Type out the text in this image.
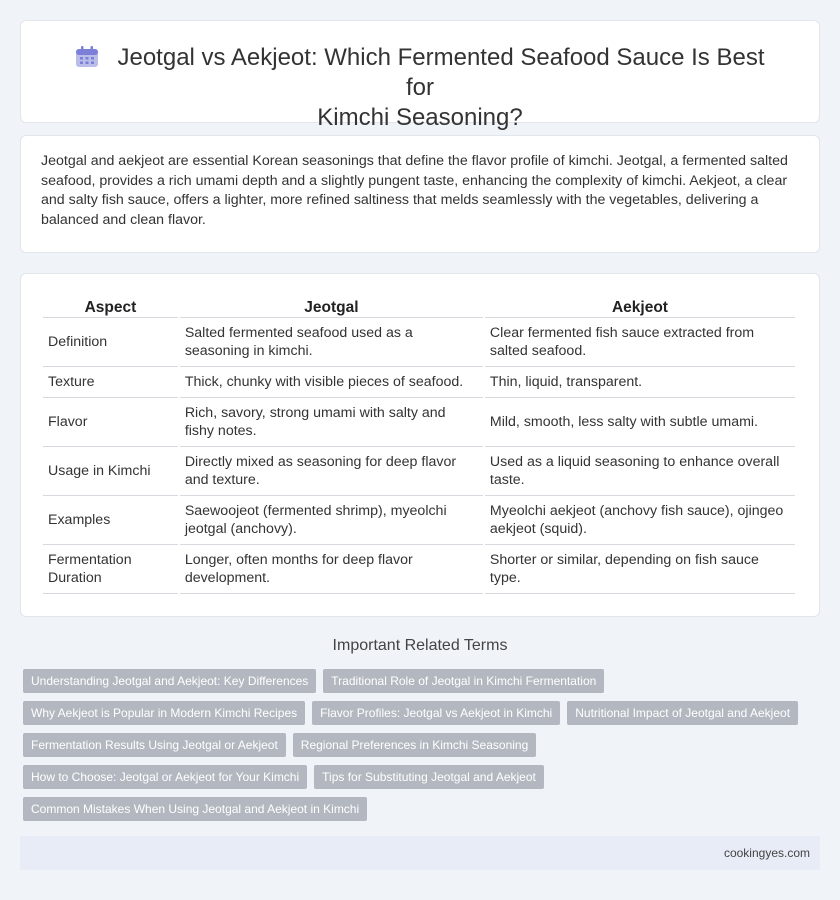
Jeotgal vs Aekjeot: Which Fermented Seafood Sauce Is Best for
Kimchi Seasoning?

Jeotgal and aekjeot are essential Korean seasonings that define the flavor profile of kimchi. Jeotgal, a fermented salted seafood, provides a rich umami depth and a slightly pungent taste, enhancing the complexity of kimchi. Aekjeot, a clear and salty fish sauce, offers a lighter, more refined saltiness that melds seamlessly with the vegetables, delivering a balanced and clean flavor.

Aspect	Jeotgal	Aekjeot
Definition	Salted fermented seafood used as a seasoning in kimchi.	Clear fermented fish sauce extracted from salted seafood.
Texture	Thick, chunky with visible pieces of seafood.	Thin, liquid, transparent.
Flavor	Rich, savory, strong umami with salty and fishy notes.	Mild, smooth, less salty with subtle umami.
Usage in Kimchi	Directly mixed as seasoning for deep flavor and texture.	Used as a liquid seasoning to enhance overall taste.
Examples	Saewoojeot (fermented shrimp), myeolchi jeotgal (anchovy).	Myeolchi aekjeot (anchovy fish sauce), ojingeo aekjeot (squid).
Fermentation Duration	Longer, often months for deep flavor development.	Shorter or similar, depending on fish sauce type.
Important Related Terms
Understanding Jeotgal and Aekjeot: Key Differences	Traditional Role of Jeotgal in Kimchi Fermentation
Why Aekjeot is Popular in Modern Kimchi Recipes	Flavor Profiles: Jeotgal vs Aekjeot in Kimchi	Nutritional Impact of Jeotgal and Aekjeot
Fermentation Results Using Jeotgal or Aekjeot	Regional Preferences in Kimchi Seasoning
How to Choose: Jeotgal or Aekjeot for Your Kimchi	Tips for Substituting Jeotgal and Aekjeot
Common Mistakes When Using Jeotgal and Aekjeot in Kimchi
cookingyes.com
